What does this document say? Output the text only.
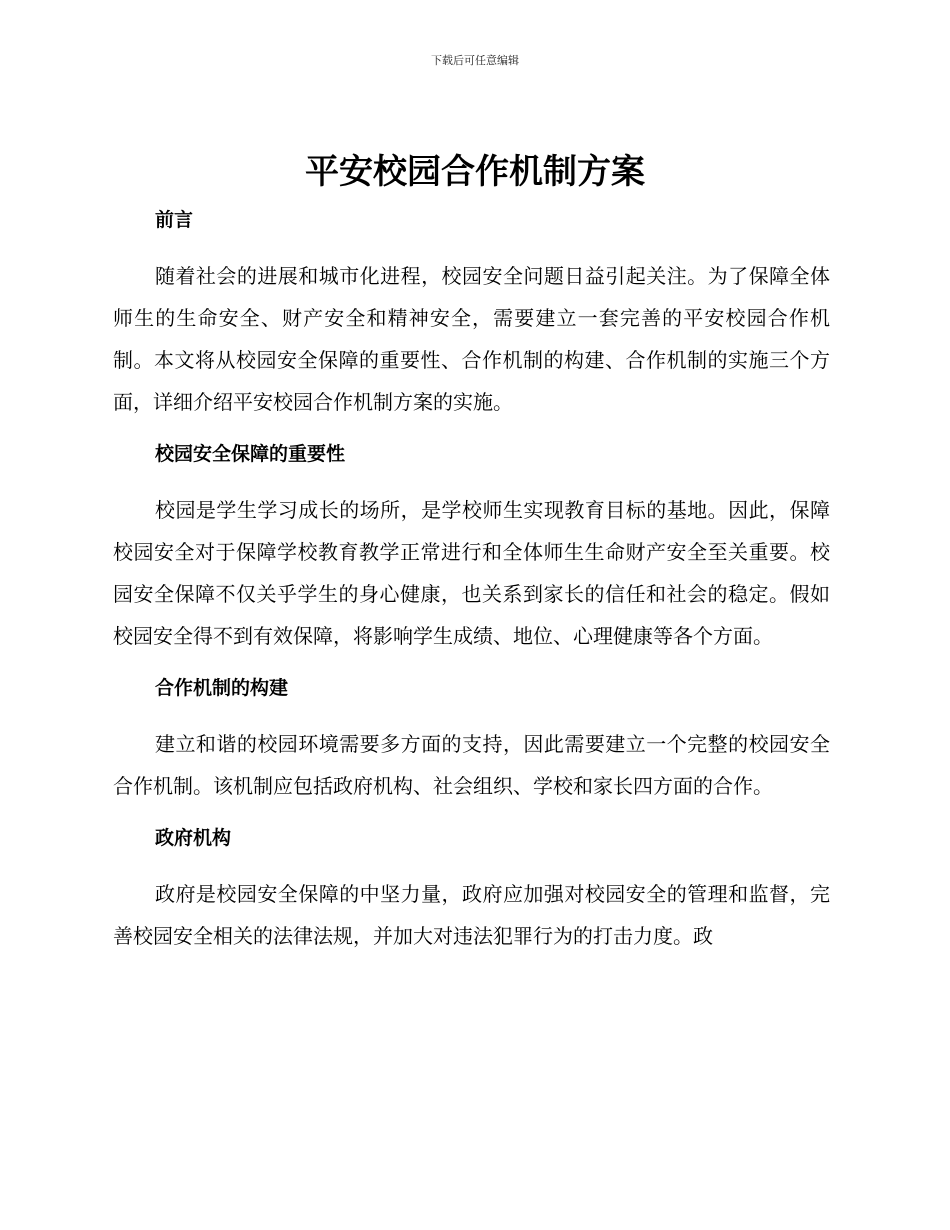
下载后可任意编辑
平安校园合作机制方案
前言

随着社会的进展和城市化进程，校园安全问题日益引起关注。为了保障全体师生的生命安全、财产安全和精神安全，需要建立一套完善的平安校园合作机制。本文将从校园安全保障的重要性、合作机制的构建、合作机制的实施三个方面，详细介绍平安校园合作机制方案的实施。

校园安全保障的重要性

校园是学生学习成长的场所，是学校师生实现教育目标的基地。因此，保障校园安全对于保障学校教育教学正常进行和全体师生生命财产安全至关重要。校园安全保障不仅关乎学生的身心健康，也关系到家长的信任和社会的稳定。假如校园安全得不到有效保障，将影响学生成绩、地位、心理健康等各个方面。

合作机制的构建

建立和谐的校园环境需要多方面的支持，因此需要建立一个完整的校园安全合作机制。该机制应包括政府机构、社会组织、学校和家长四方面的合作。

政府机构

政府是校园安全保障的中坚力量，政府应加强对校园安全的管理和监督，完善校园安全相关的法律法规，并加大对违法犯罪行为的打击力度。政
